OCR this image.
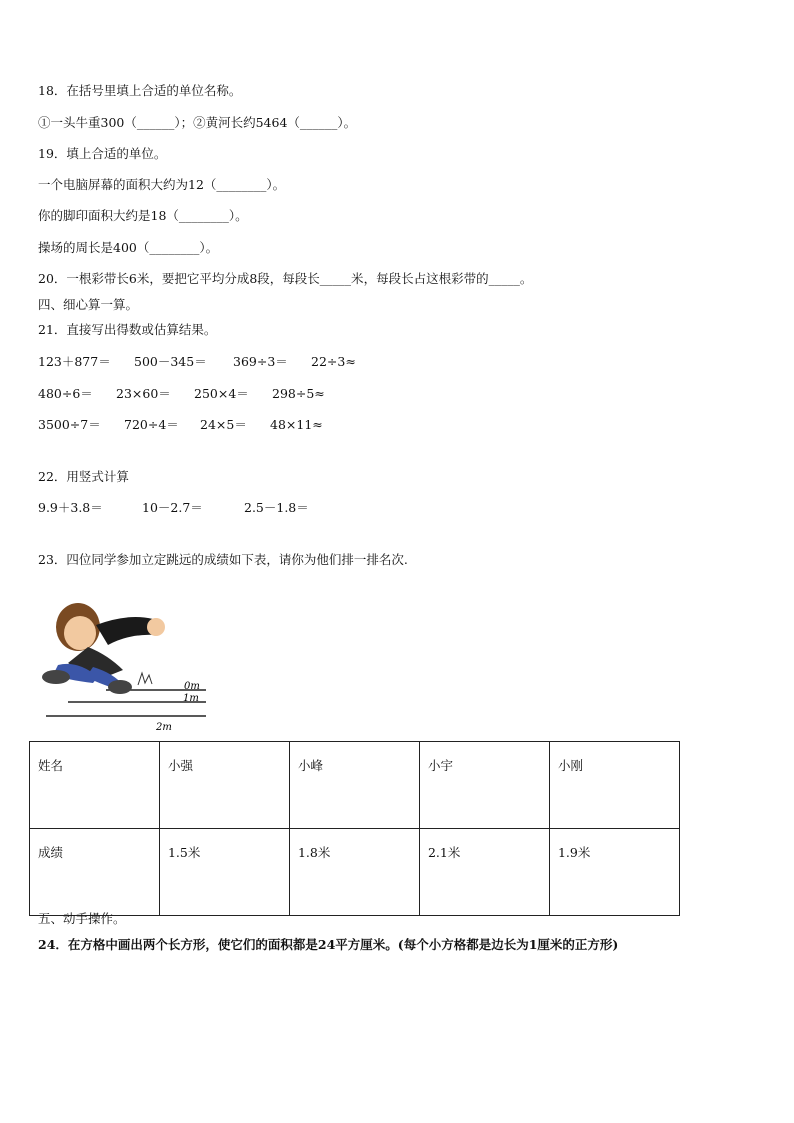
18．在括号里填上合适的单位名称。
①一头牛重300（______）；②黄河长约5464（______）。
19．填上合适的单位。
一个电脑屏幕的面积大约为12（________）。
你的脚印面积大约是18（________）。
操场的周长是400（________）。
20．一根彩带长6米，要把它平均分成8段，每段长_____米，每段长占这根彩带的_____。
四、细心算一算。
21．直接写出得数或估算结果。
123＋877＝ 500－345＝ 369÷3＝ 22÷3≈
480÷6＝ 23×60＝ 250×4＝ 298÷5≈
3500÷7＝ 720÷4＝ 24×5＝ 48×11≈
22．用竖式计算
9.9＋3.8＝	10－2.7＝	2.5－1.8＝
23．四位同学参加立定跳远的成绩如下表，请你为他们排一排名次.
0m
1m
2m
姓名	小强	小峰	小宇	小刚
成绩	1.5米	1.8米	2.1米	1.9米
五、动手操作。
24．在方格中画出两个长方形，使它们的面积都是24平方厘米。(每个小方格都是边长为1厘米的正方形)
